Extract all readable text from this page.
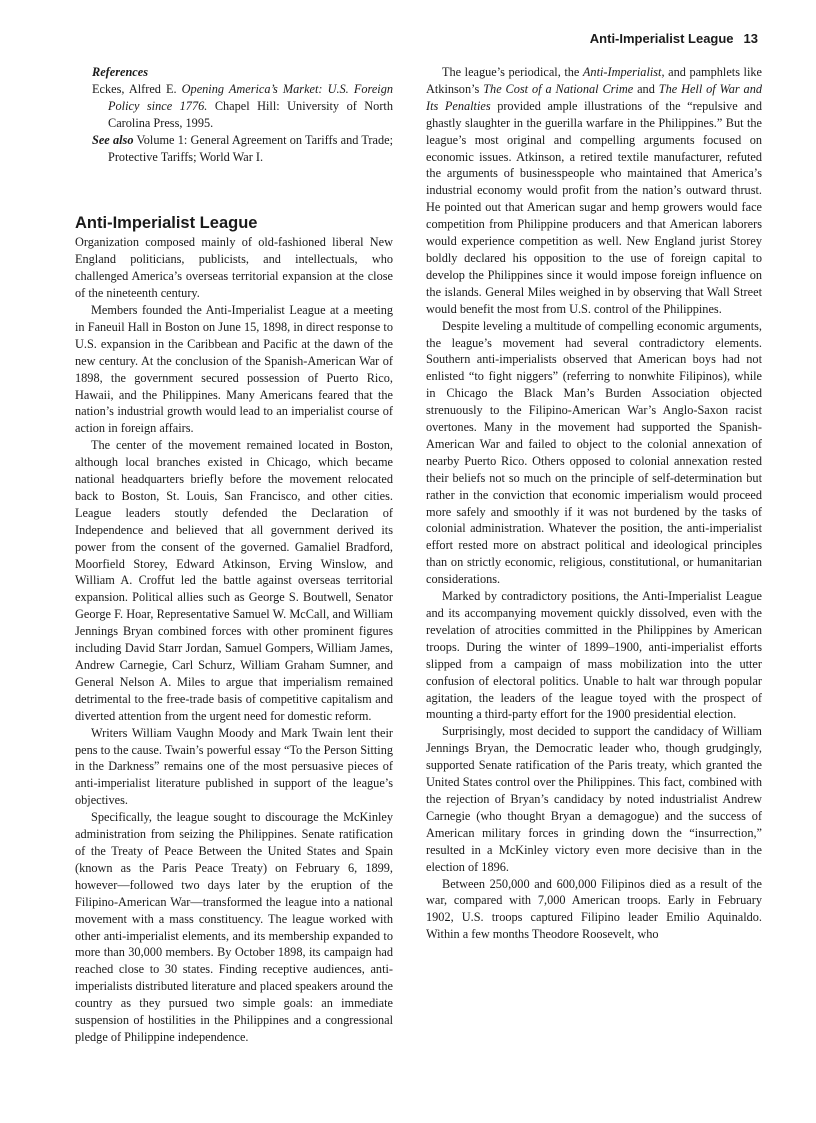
Anti-Imperialist League 13
References
Eckes, Alfred E. Opening America’s Market: U.S. Foreign Policy since 1776. Chapel Hill: University of North Carolina Press, 1995.
See also Volume 1: General Agreement on Tariffs and Trade; Protective Tariffs; World War I.
Anti-Imperialist League

Organization composed mainly of old-fashioned liberal New England politicians, publicists, and intellectuals, who challenged America’s overseas territorial expansion at the close of the nineteenth century.

Members founded the Anti-Imperialist League at a meeting in Faneuil Hall in Boston on June 15, 1898, in direct response to U.S. expansion in the Caribbean and Pacific at the dawn of the new century. At the conclusion of the Spanish-American War of 1898, the government secured possession of Puerto Rico, Hawaii, and the Philippines. Many Americans feared that the nation’s industrial growth would lead to an imperialist course of action in foreign affairs.

The center of the movement remained located in Boston, although local branches existed in Chicago, which became national headquarters briefly before the movement relocated back to Boston, St. Louis, San Francisco, and other cities. League leaders stoutly defended the Declaration of Independence and believed that all government derived its power from the consent of the governed. Gamaliel Bradford, Moorfield Storey, Edward Atkinson, Erving Winslow, and William A. Croffut led the battle against overseas territorial expansion. Political allies such as George S. Boutwell, Senator George F. Hoar, Representative Samuel W. McCall, and William Jennings Bryan combined forces with other prominent figures including David Starr Jordan, Samuel Gompers, William James, Andrew Carnegie, Carl Schurz, William Graham Sumner, and General Nelson A. Miles to argue that imperialism remained detrimental to the free-trade basis of competitive capitalism and diverted attention from the urgent need for domestic reform.

Writers William Vaughn Moody and Mark Twain lent their pens to the cause. Twain’s powerful essay “To the Person Sitting in the Darkness” remains one of the most persuasive pieces of anti-imperialist literature published in support of the league’s objectives.

Specifically, the league sought to discourage the McKinley administration from seizing the Philippines. Senate ratification of the Treaty of Peace Between the United States and Spain (known as the Paris Peace Treaty) on February 6, 1899, however—followed two days later by the eruption of the Filipino-American War—transformed the league into a national movement with a mass constituency. The league worked with other anti-imperialist elements, and its membership expanded to more than 30,000 members. By October 1898, its campaign had reached close to 30 states. Finding receptive audiences, anti-imperialists distributed literature and placed speakers around the country as they pursued two simple goals: an immediate suspension of hostilities in the Philippines and a congressional pledge of Philippine independence.

The league’s periodical, the Anti-Imperialist, and pamphlets like Atkinson’s The Cost of a National Crime and The Hell of War and Its Penalties provided ample illustrations of the “repulsive and ghastly slaughter in the guerilla warfare in the Philippines.” But the league’s most original and compelling arguments focused on economic issues. Atkinson, a retired textile manufacturer, refuted the arguments of businesspeople who maintained that America’s industrial economy would profit from the nation’s outward thrust. He pointed out that American sugar and hemp growers would face competition from Philippine producers and that American laborers would experience competition as well. New England jurist Storey boldly declared his opposition to the use of foreign capital to develop the Philippines since it would impose foreign influence on the islands. General Miles weighed in by observing that Wall Street would benefit the most from U.S. control of the Philippines.

Despite leveling a multitude of compelling economic arguments, the league’s movement had several contradictory elements. Southern anti-imperialists observed that American boys had not enlisted “to fight niggers” (referring to nonwhite Filipinos), while in Chicago the Black Man’s Burden Association objected strenuously to the Filipino-American War’s Anglo-Saxon racist overtones. Many in the movement had supported the Spanish-American War and failed to object to the colonial annexation of nearby Puerto Rico. Others opposed to colonial annexation rested their beliefs not so much on the principle of self-determination but rather in the conviction that economic imperialism would proceed more safely and smoothly if it was not burdened by the tasks of colonial administration. Whatever the position, the anti-imperialist effort rested more on abstract political and ideological principles than on strictly economic, religious, constitutional, or humanitarian considerations.

Marked by contradictory positions, the Anti-Imperialist League and its accompanying movement quickly dissolved, even with the revelation of atrocities committed in the Philippines by American troops. During the winter of 1899–1900, anti-imperialist efforts slipped from a campaign of mass mobilization into the utter confusion of electoral politics. Unable to halt war through popular agitation, the leaders of the league toyed with the prospect of mounting a third-party effort for the 1900 presidential election.

Surprisingly, most decided to support the candidacy of William Jennings Bryan, the Democratic leader who, though grudgingly, supported Senate ratification of the Paris treaty, which granted the United States control over the Philippines. This fact, combined with the rejection of Bryan’s candidacy by noted industrialist Andrew Carnegie (who thought Bryan a demagogue) and the success of American military forces in grinding down the “insurrection,” resulted in a McKinley victory even more decisive than in the election of 1896.

Between 250,000 and 600,000 Filipinos died as a result of the war, compared with 7,000 American troops. Early in February 1902, U.S. troops captured Filipino leader Emilio Aquinaldo. Within a few months Theodore Roosevelt, who
